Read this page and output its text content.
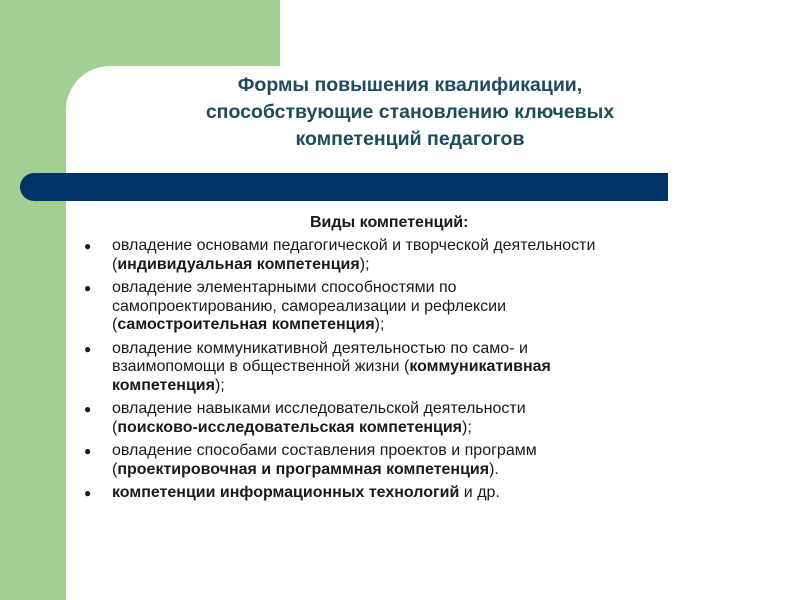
Формы повышения квалификации,
способствующие становлению ключевых
компетенций педагогов

Виды компетенций:

● овладение основами педагогической и творческой деятельности
(индивидуальная компетенция);
● овладение элементарными способностями по
самопроектированию, самореализации и рефлексии
(самостроительная компетенция);
● овладение коммуникативной деятельностью по само- и
взаимопомощи в общественной жизни (коммуникативная
компетенция);
● овладение навыками исследовательской деятельности
(поисково-исследовательская компетенция);
● овладение способами составления проектов и программ
(проектировочная и программная компетенция).
● компетенции информационных технологий и др.
